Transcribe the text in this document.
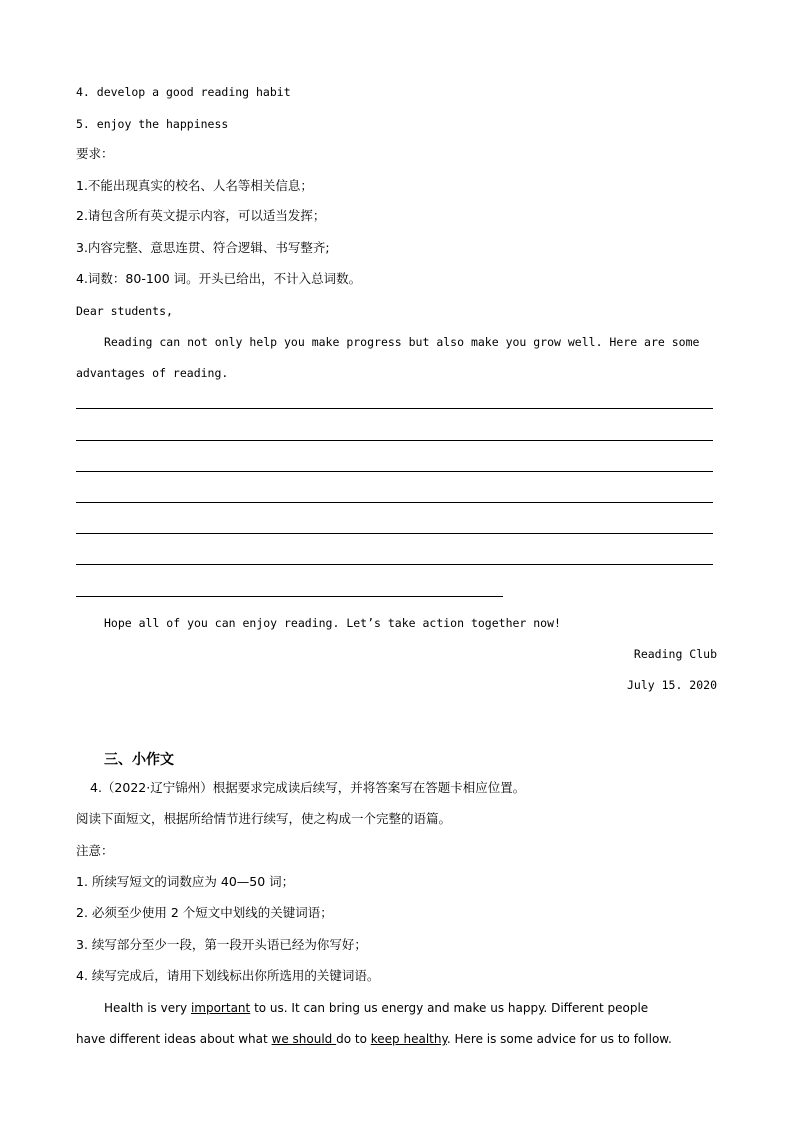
4. develop a good reading habit
5. enjoy the happiness
要求：
1.不能出现真实的校名、人名等相关信息；
2.请包含所有英文提示内容，可以适当发挥；
3.内容完整、意思连贯、符合逻辑、书写整齐;
4.词数：80-100 词。开头已给出，不计入总词数。
Dear students,
Reading can not only help you make progress but also make you grow well. Here are some
advantages of reading.
Hope all of you can enjoy reading. Let’s take action together now!
Reading Club
July 15. 2020
三、小作文
4.（2022·辽宁锦州）根据要求完成读后续写，并将答案写在答题卡相应位置。
阅读下面短文，根据所给情节进行续写，使之构成一个完整的语篇。
注意：
1. 所续写短文的词数应为 40—50 词；
2. 必须至少使用 2 个短文中划线的关键词语；
3. 续写部分至少一段，第一段开头语已经为你写好；
4. 续写完成后，请用下划线标出你所选用的关键词语。
Health is very important to us. It can bring us energy and make us happy. Different people
have different ideas about what we should do to keep healthy. Here is some advice for us to follow.
